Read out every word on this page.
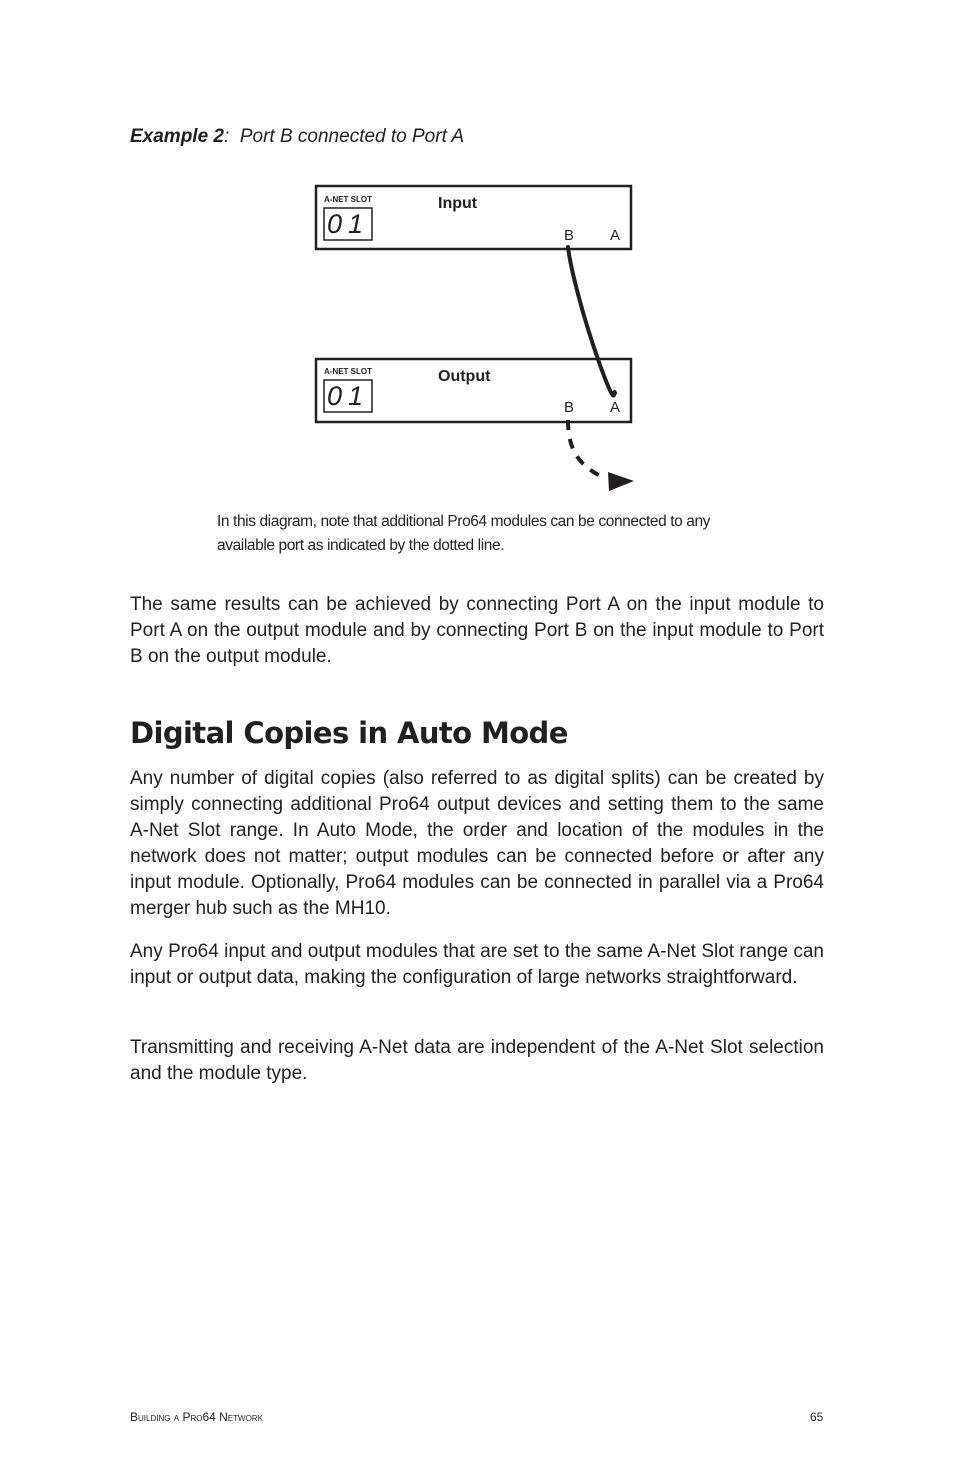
Example 2: Port B connected to Port A
A-NET SLOT
01
Input
B A
A-NET SLOT
01
Output
B A
In this diagram, note that additional Pro64 modules can be connected to any available port as indicated by the dotted line.

The same results can be achieved by connecting Port A on the input module to Port A on the output module and by connecting Port B on the input module to Port B on the output module.

Digital Copies in Auto Mode

Any number of digital copies (also referred to as digital splits) can be created by simply connecting additional Pro64 output devices and setting them to the same A-Net Slot range. In Auto Mode, the order and location of the modules in the network does not matter; output modules can be connected before or after any input module. Optionally, Pro64 modules can be connected in parallel via a Pro64 merger hub such as the MH10.

Any Pro64 input and output modules that are set to the same A-Net Slot range can input or output data, making the configuration of large networks straightforward.

Transmitting and receiving A-Net data are independent of the A-Net Slot selection and the module type.

Building a Pro64 Network	65
